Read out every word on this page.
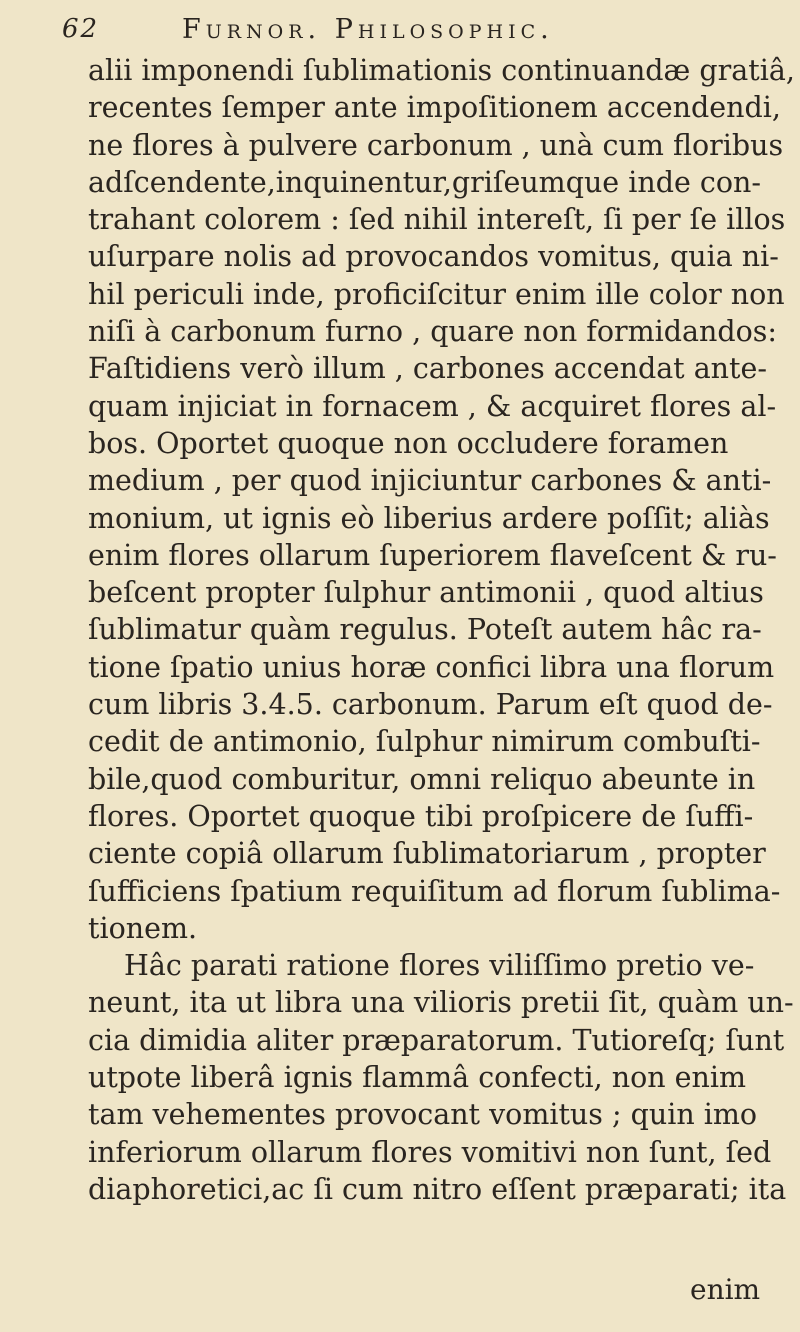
62	Furnor. Philosophic.
alii imponendi ſublimationis continuandæ gratiâ,
recentes ſemper ante impoſitionem accendendi,
ne flores à pulvere carbonum , unà cum floribus
adſcendente,inquinentur,griſeumque inde con-
trahant colorem : ſed nihil intereſt, ſi per ſe illos
uſurpare nolis ad provocandos vomitus, quia ni-
hil periculi inde, proficiſcitur enim ille color non
niſi à carbonum furno , quare non formidandos:
Faſtidiens verò illum , carbones accendat ante-
quam injiciat in fornacem , & acquiret flores al-
bos. Oportet quoque non occludere foramen
medium , per quod injiciuntur carbones & anti-
monium, ut ignis eò liberius ardere poſſit; aliàs
enim flores ollarum ſuperiorem flaveſcent & ru-
beſcent propter ſulphur antimonii , quod altius
ſublimatur quàm regulus. Poteſt autem hâc ra-
tione ſpatio unius horæ confici libra una florum
cum libris 3.4.5. carbonum. Parum eſt quod de-
cedit de antimonio, ſulphur nimirum combuſti-
bile,quod comburitur, omni reliquo abeunte in
flores. Oportet quoque tibi proſpicere de ſuffi-
ciente copiâ ollarum ſublimatoriarum , propter
ſufficiens ſpatium requiſitum ad florum ſublima-
tionem.
Hâc parati ratione flores viliſſimo pretio ve-
neunt, ita ut libra una vilioris pretii ſit, quàm un-
cia dimidia aliter præparatorum. Tutioreſq; ſunt
utpote liberâ ignis flammâ confecti, non enim
tam vehementes provocant vomitus ; quin imo
inferiorum ollarum flores vomitivi non ſunt, ſed
diaphoretici,ac ſi cum nitro eſſent præparati; ita
enim
